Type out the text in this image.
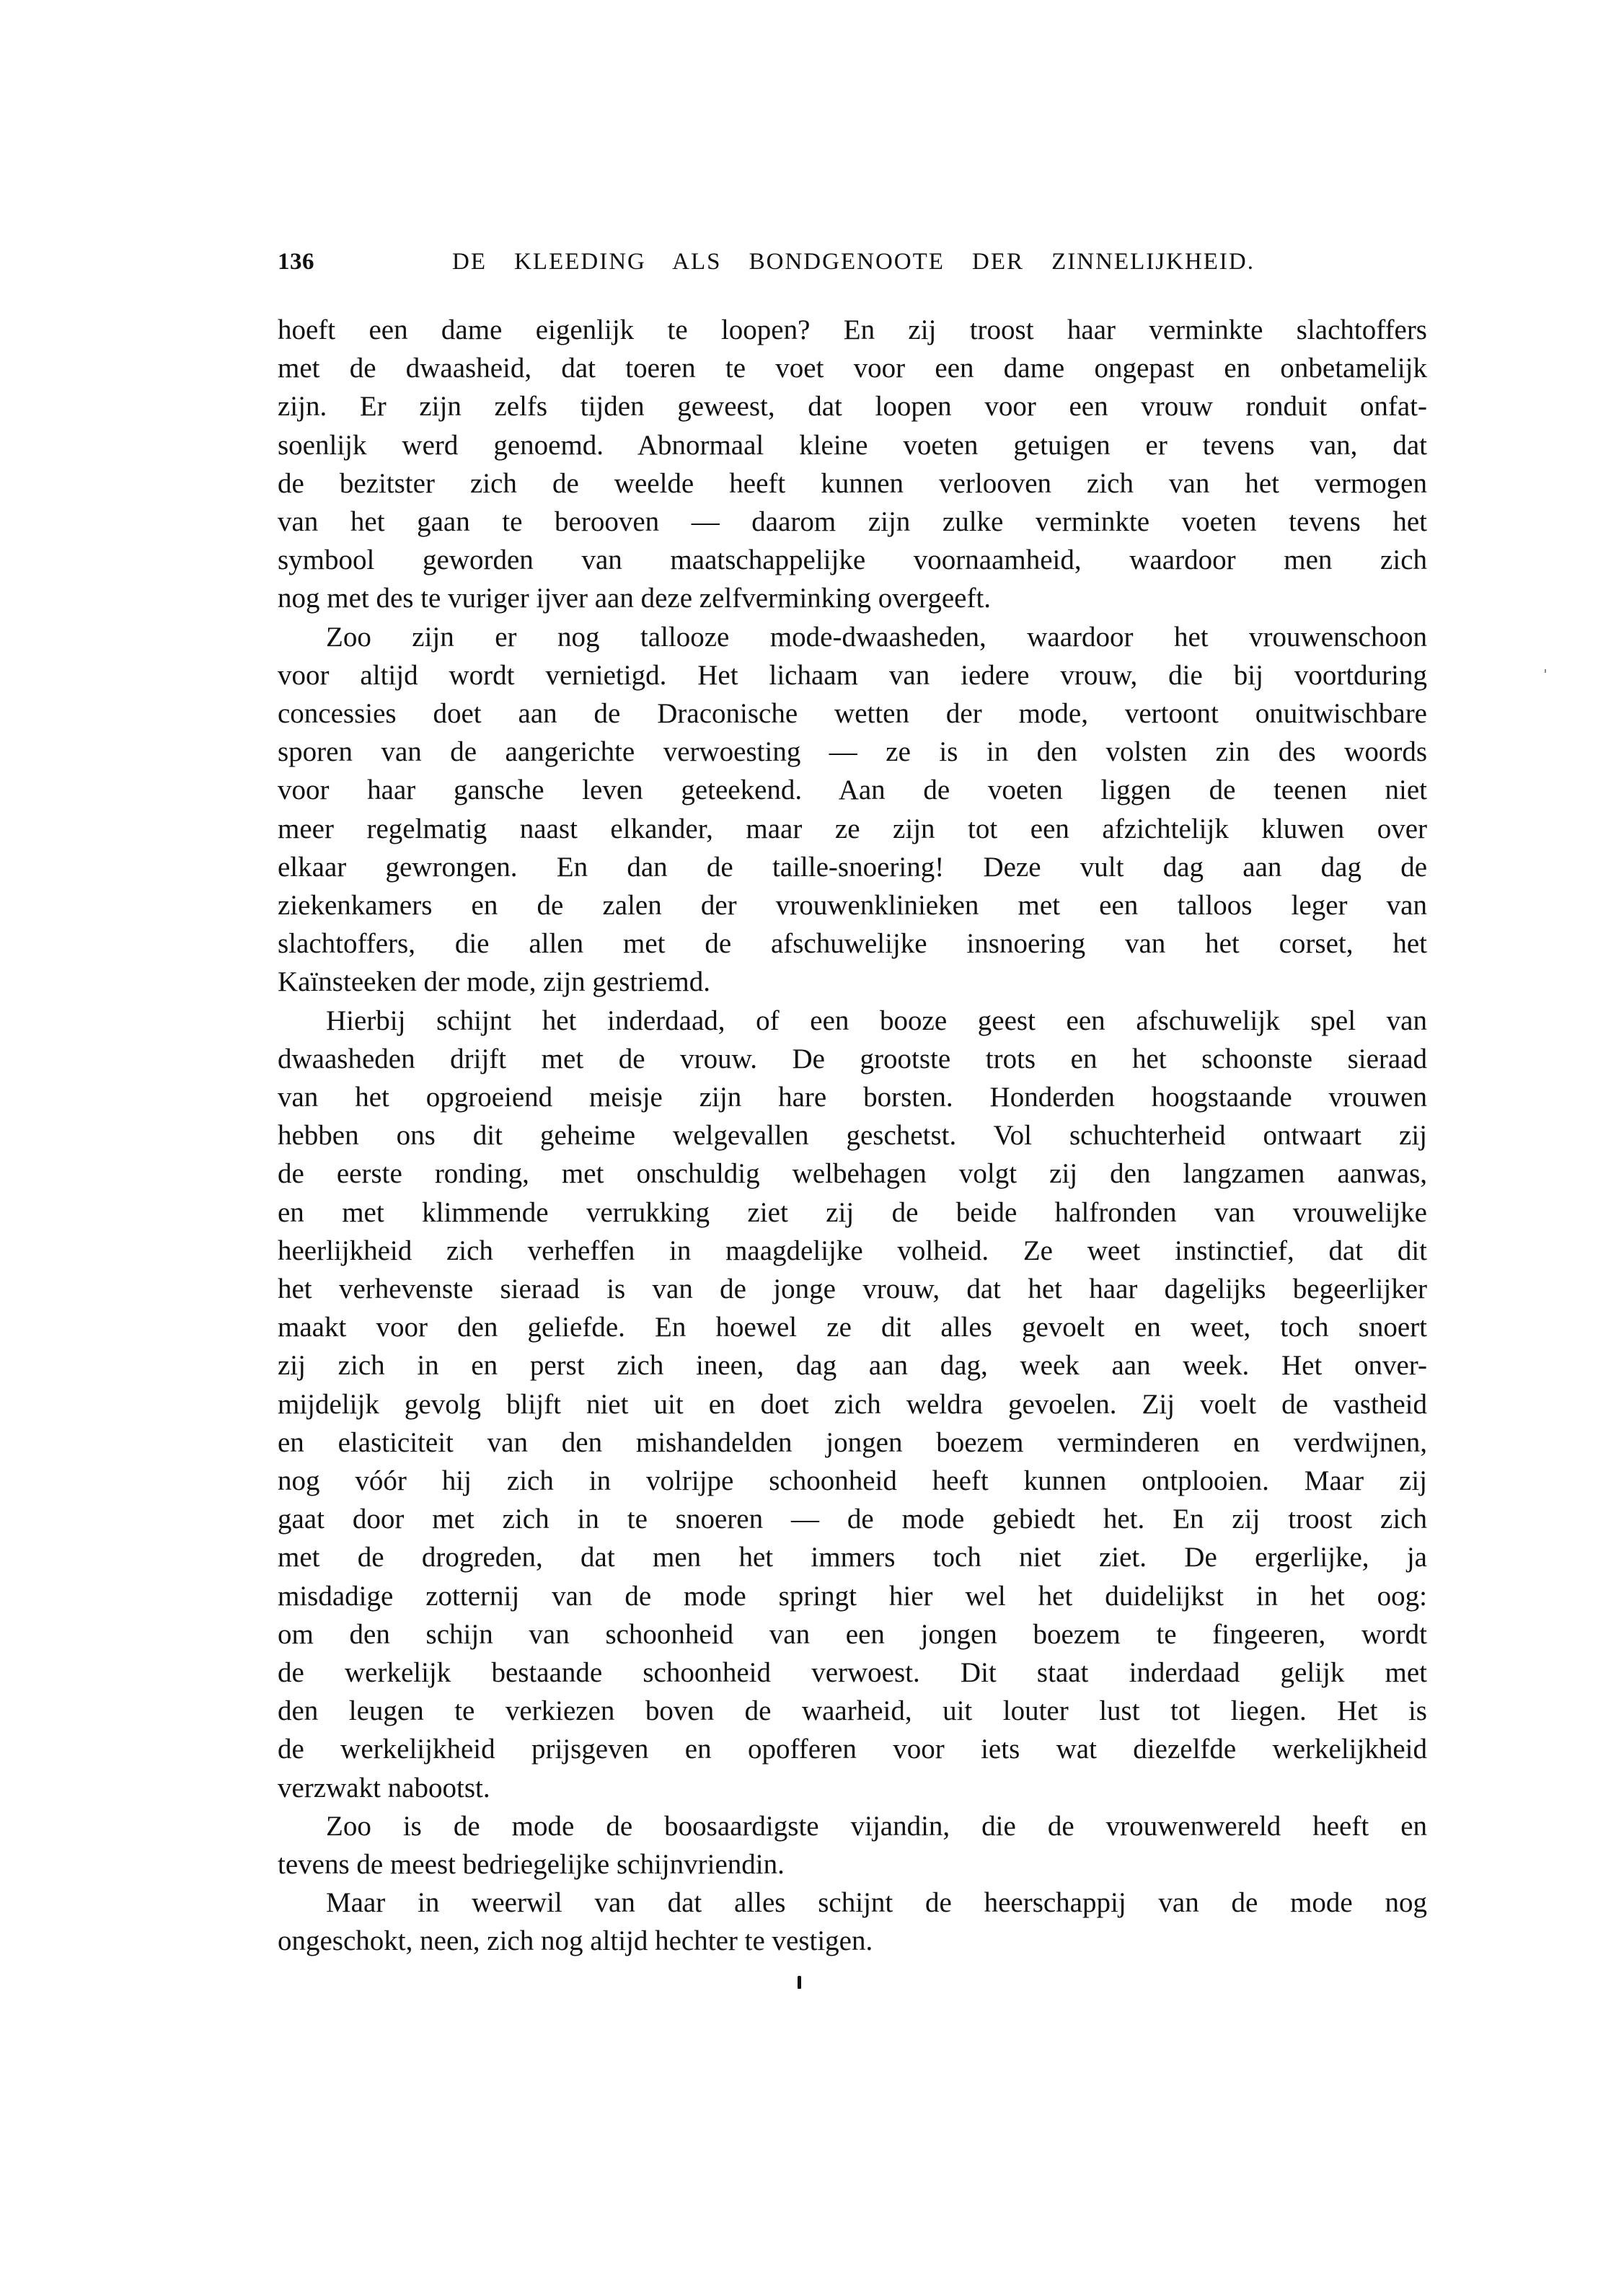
136	DE KLEEDING ALS BONDGENOOTE DER ZINNELIJKHEID.
hoeft een dame eigenlijk te loopen? En zij troost haar verminkte slachtoffers
met de dwaasheid, dat toeren te voet voor een dame ongepast en onbetamelijk
zijn. Er zijn zelfs tijden geweest, dat loopen voor een vrouw ronduit onfat-
soenlijk werd genoemd. Abnormaal kleine voeten getuigen er tevens van, dat
de bezitster zich de weelde heeft kunnen verlooven zich van het vermogen
van het gaan te berooven — daarom zijn zulke verminkte voeten tevens het
symbool geworden van maatschappelijke voornaamheid, waardoor men zich
nog met des te vuriger ijver aan deze zelfverminking overgeeft.
Zoo zijn er nog tallooze mode-dwaasheden, waardoor het vrouwenschoon
voor altijd wordt vernietigd. Het lichaam van iedere vrouw, die bij voortduring
concessies doet aan de Draconische wetten der mode, vertoont onuitwischbare
sporen van de aangerichte verwoesting — ze is in den volsten zin des woords
voor haar gansche leven geteekend. Aan de voeten liggen de teenen niet
meer regelmatig naast elkander, maar ze zijn tot een afzichtelijk kluwen over
elkaar gewrongen. En dan de taille-snoering! Deze vult dag aan dag de
ziekenkamers en de zalen der vrouwenklinieken met een talloos leger van
slachtoffers, die allen met de afschuwelijke insnoering van het corset, het
Kaïnsteeken der mode, zijn gestriemd.
Hierbij schijnt het inderdaad, of een booze geest een afschuwelijk spel van
dwaasheden drijft met de vrouw. De grootste trots en het schoonste sieraad
van het opgroeiend meisje zijn hare borsten. Honderden hoogstaande vrouwen
hebben ons dit geheime welgevallen geschetst. Vol schuchterheid ontwaart zij
de eerste ronding, met onschuldig welbehagen volgt zij den langzamen aanwas,
en met klimmende verrukking ziet zij de beide halfronden van vrouwelijke
heerlijkheid zich verheffen in maagdelijke volheid. Ze weet instinctief, dat dit
het verhevenste sieraad is van de jonge vrouw, dat het haar dagelijks begeerlijker
maakt voor den geliefde. En hoewel ze dit alles gevoelt en weet, toch snoert
zij zich in en perst zich ineen, dag aan dag, week aan week. Het onver-
mijdelijk gevolg blijft niet uit en doet zich weldra gevoelen. Zij voelt de vastheid
en elasticiteit van den mishandelden jongen boezem verminderen en verdwijnen,
nog vóór hij zich in volrijpe schoonheid heeft kunnen ontplooien. Maar zij
gaat door met zich in te snoeren — de mode gebiedt het. En zij troost zich
met de drogreden, dat men het immers toch niet ziet. De ergerlijke, ja
misdadige zotternij van de mode springt hier wel het duidelijkst in het oog:
om den schijn van schoonheid van een jongen boezem te fingeeren, wordt
de werkelijk bestaande schoonheid verwoest. Dit staat inderdaad gelijk met
den leugen te verkiezen boven de waarheid, uit louter lust tot liegen. Het is
de werkelijkheid prijsgeven en opofferen voor iets wat diezelfde werkelijkheid
verzwakt nabootst.
Zoo is de mode de boosaardigste vijandin, die de vrouwenwereld heeft en
tevens de meest bedriegelijke schijnvriendin.
Maar in weerwil van dat alles schijnt de heerschappij van de mode nog
ongeschokt, neen, zich nog altijd hechter te vestigen.
